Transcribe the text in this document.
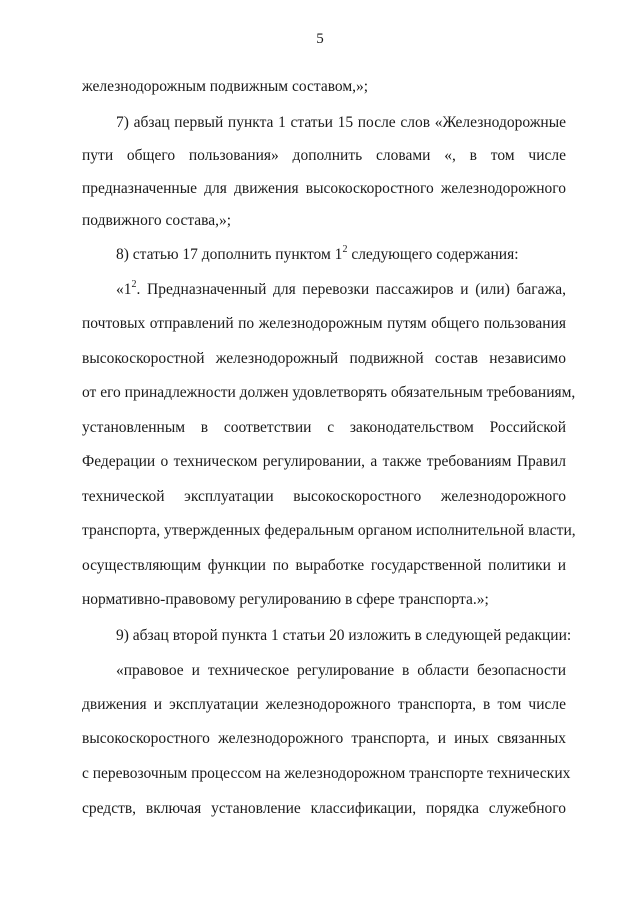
5
железнодорожным подвижным составом,»;
7) абзац первый пункта 1 статьи 15 после слов «Железнодорожные
пути общего пользования» дополнить словами «, в том числе
предназначенные для движения высокоскоростного железнодорожного
подвижного состава,»;
8) статью 17 дополнить пунктом $1^2$ следующего содержания:
«$1^2$. Предназначенный для перевозки пассажиров и (или) багажа,
почтовых отправлений по железнодорожным путям общего пользования
высокоскоростной железнодорожный подвижной состав независимо
от его принадлежности должен удовлетворять обязательным требованиям,
установленным в соответствии с законодательством Российской
Федерации о техническом регулировании, а также требованиям Правил
технической эксплуатации высокоскоростного железнодорожного
транспорта, утвержденных федеральным органом исполнительной власти,
осуществляющим функции по выработке государственной политики и
нормативно-правовому регулированию в сфере транспорта.»;
9) абзац второй пункта 1 статьи 20 изложить в следующей редакции:
«правовое и техническое регулирование в области безопасности
движения и эксплуатации железнодорожного транспорта, в том числе
высокоскоростного железнодорожного транспорта, и иных связанных
с перевозочным процессом на железнодорожном транспорте технических
средств, включая установление классификации, порядка служебного
